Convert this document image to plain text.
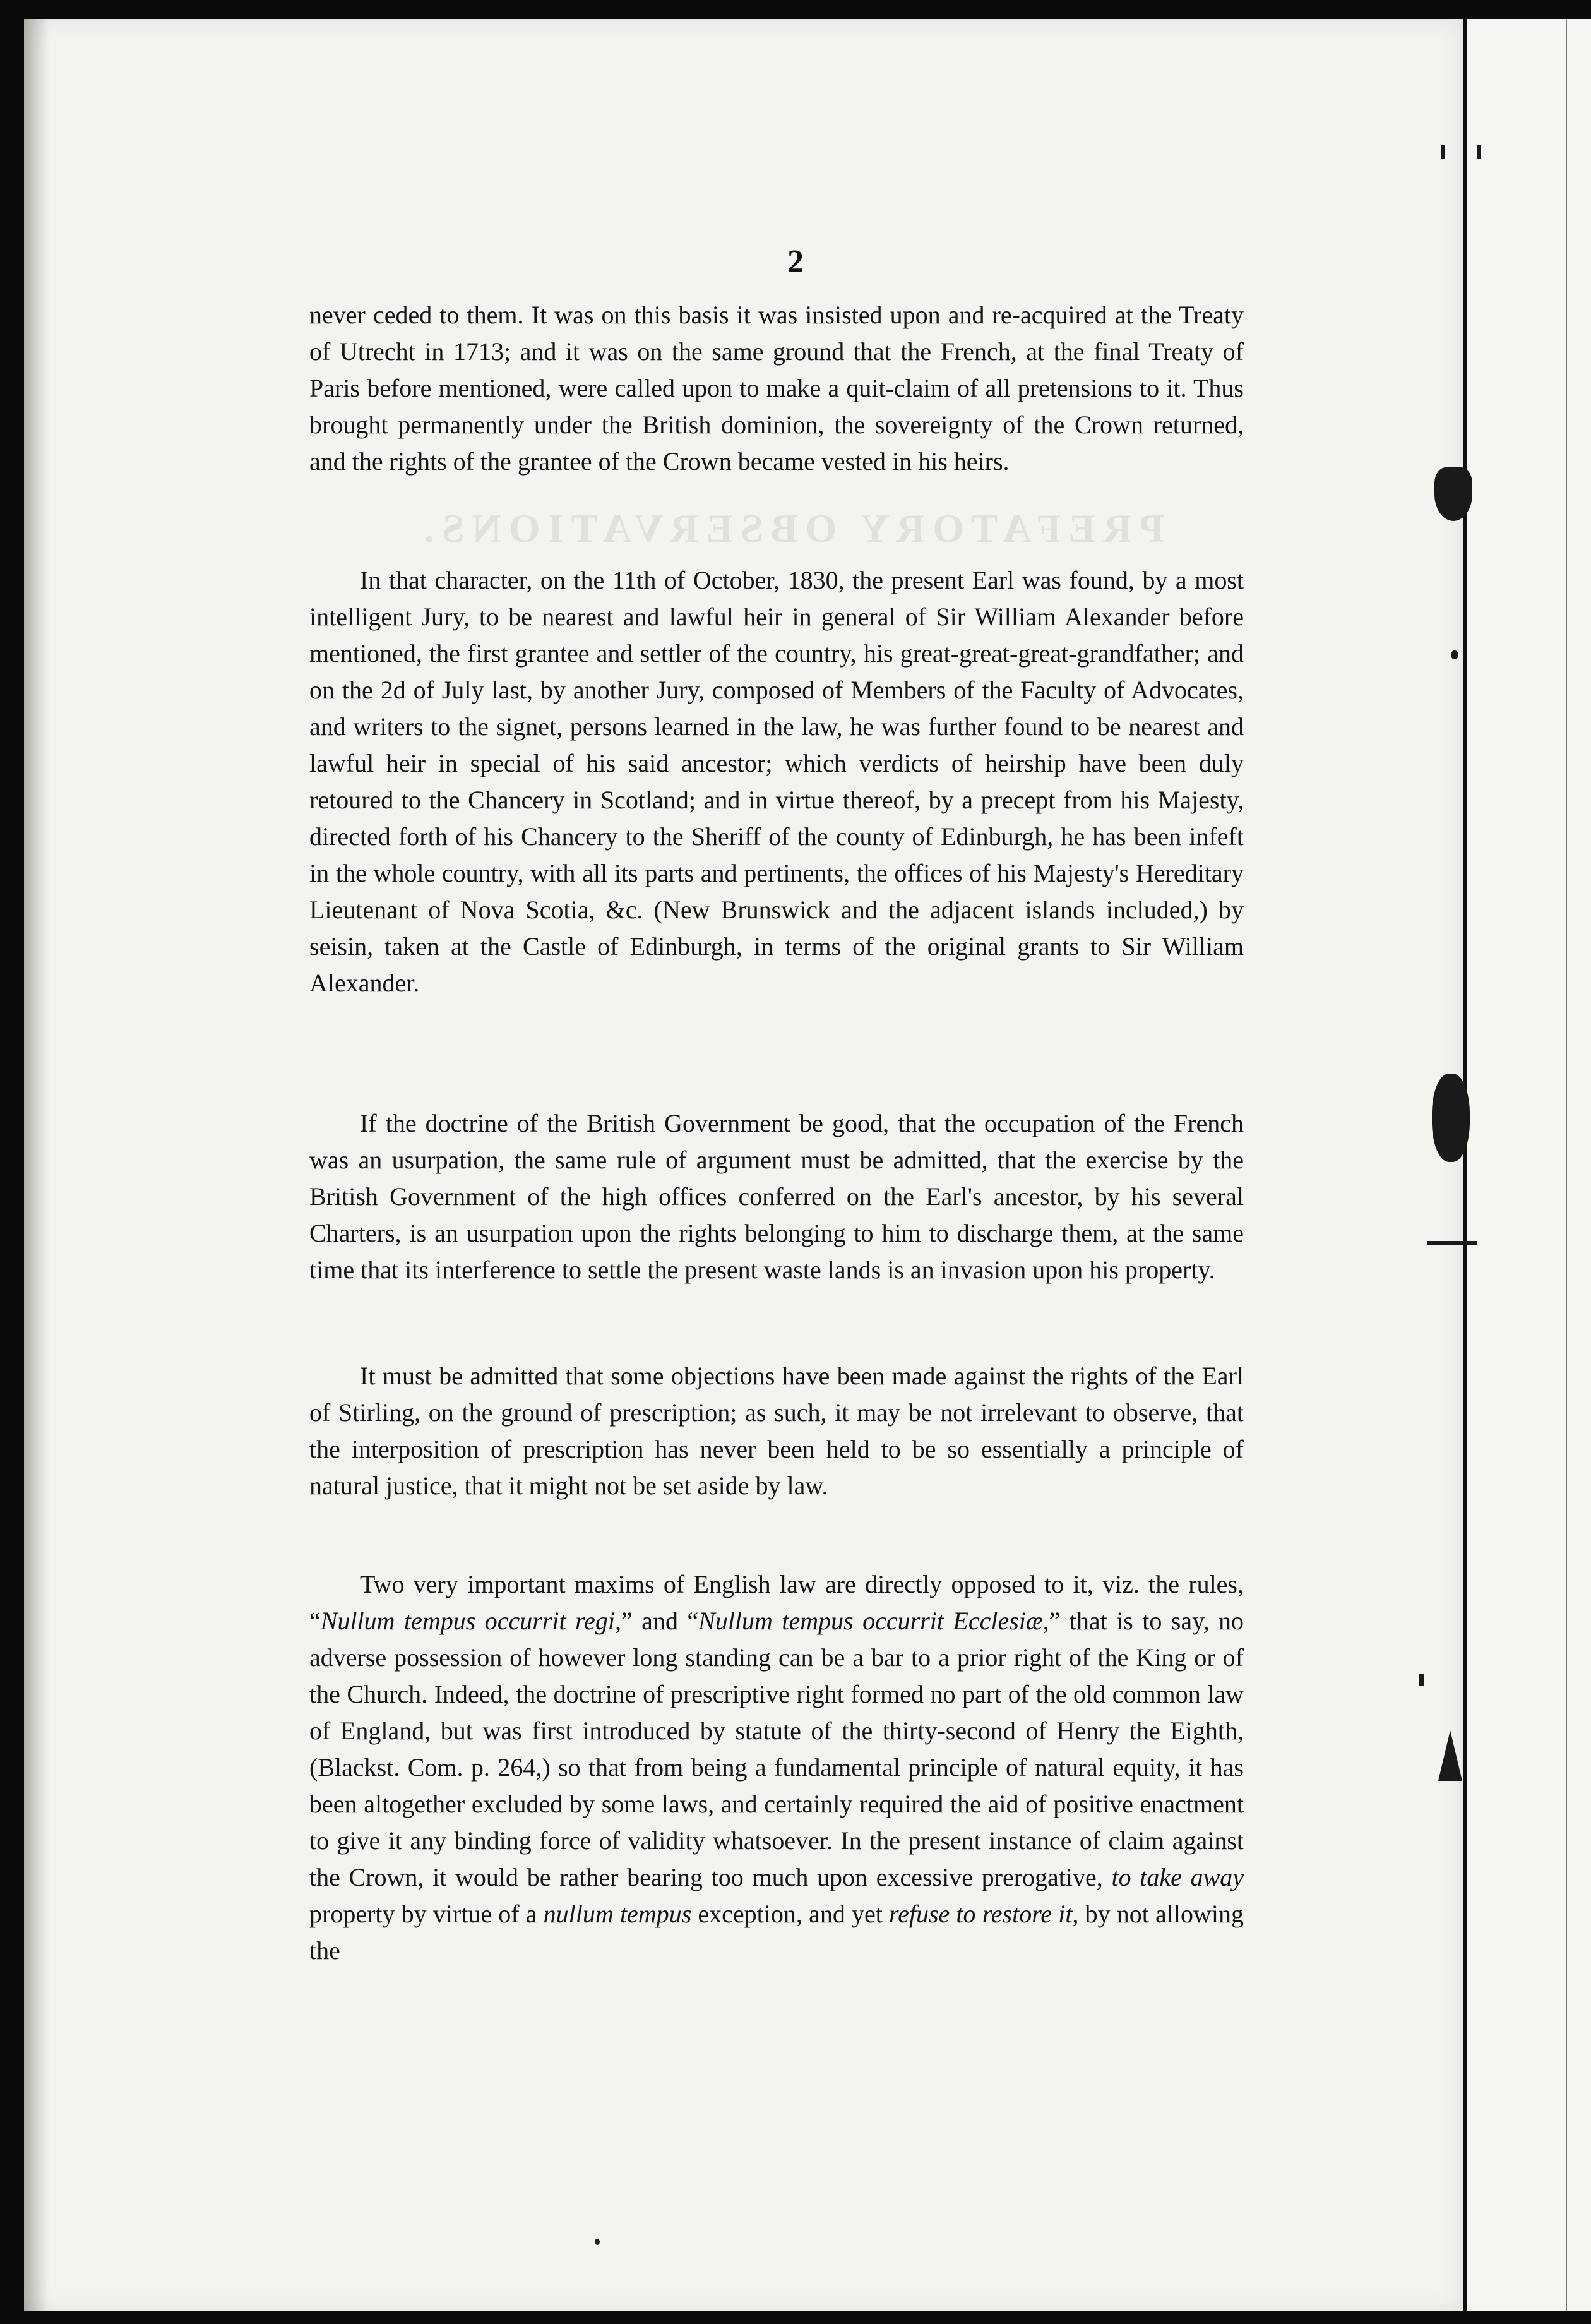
PREFATORY OBSERVATIONS.
2

never ceded to them. It was on this basis it was insisted upon and re-acquired at the Treaty of Utrecht in 1713; and it was on the same ground that the French, at the final Treaty of Paris before mentioned, were called upon to make a quit-claim of all pretensions to it. Thus brought permanently under the British dominion, the sovereignty of the Crown returned, and the rights of the grantee of the Crown became vested in his heirs.

In that character, on the 11th of October, 1830, the present Earl was found, by a most intelligent Jury, to be nearest and lawful heir in general of Sir William Alexander before mentioned, the first grantee and settler of the country, his great-great-great-grandfather; and on the 2d of July last, by another Jury, composed of Members of the Faculty of Advocates, and writers to the signet, persons learned in the law, he was further found to be nearest and lawful heir in special of his said ancestor; which verdicts of heirship have been duly retoured to the Chancery in Scotland; and in virtue thereof, by a precept from his Majesty, directed forth of his Chancery to the Sheriff of the county of Edinburgh, he has been infeft in the whole country, with all its parts and pertinents, the offices of his Majesty's Hereditary Lieutenant of Nova Scotia, &c. (New Brunswick and the adjacent islands included,) by seisin, taken at the Castle of Edinburgh, in terms of the original grants to Sir William Alexander.

If the doctrine of the British Government be good, that the occupation of the French was an usurpation, the same rule of argument must be admitted, that the exercise by the British Government of the high offices conferred on the Earl's ancestor, by his several Charters, is an usurpation upon the rights belonging to him to discharge them, at the same time that its interference to settle the present waste lands is an invasion upon his property.

It must be admitted that some objections have been made against the rights of the Earl of Stirling, on the ground of prescription; as such, it may be not irrelevant to observe, that the interposition of prescription has never been held to be so essentially a principle of natural justice, that it might not be set aside by law.

Two very important maxims of English law are directly opposed to it, viz. the rules, “Nullum tempus occurrit regi,” and “Nullum tempus occurrit Ecclesiæ,” that is to say, no adverse possession of however long standing can be a bar to a prior right of the King or of the Church. Indeed, the doctrine of prescriptive right formed no part of the old common law of England, but was first introduced by statute of the thirty-second of Henry the Eighth, (Blackst. Com. p. 264,) so that from being a fundamental principle of natural equity, it has been altogether excluded by some laws, and certainly required the aid of positive enactment to give it any binding force of validity whatsoever. In the present instance of claim against the Crown, it would be rather bearing too much upon excessive prerogative, to take away property by virtue of a nullum tempus exception, and yet refuse to restore it, by not allowing the
